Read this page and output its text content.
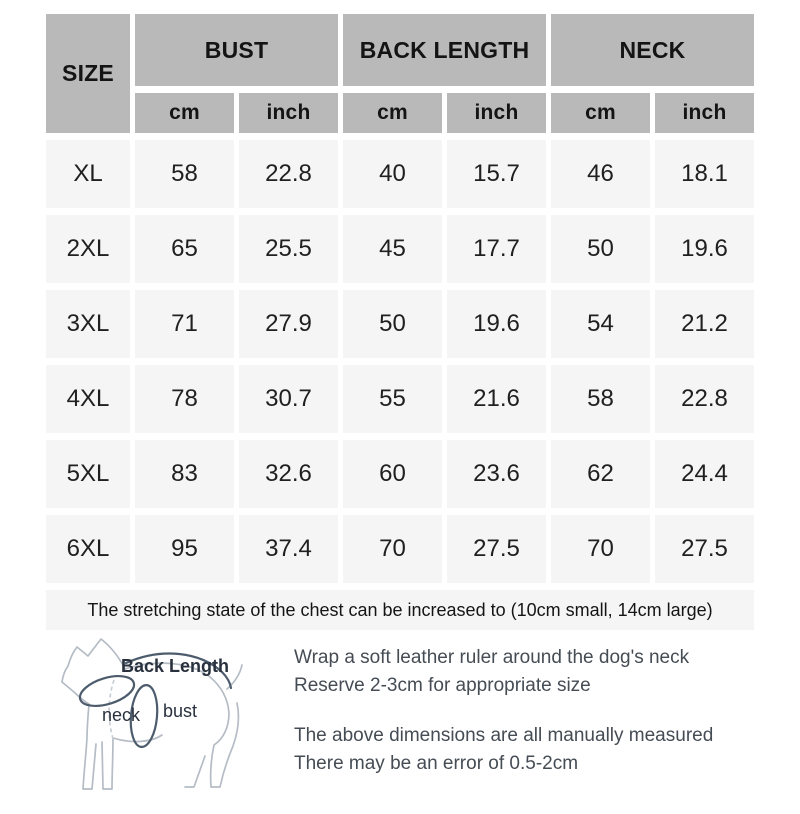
SIZE
BUST	BACK LENGTH	NECK
cm	inch	cm	inch	cm	inch
XL	58	22.8	40	15.7	46	18.1
2XL	65	25.5	45	17.7	50	19.6
3XL	71	27.9	50	19.6	54	21.2
4XL	78	30.7	55	21.6	58	22.8
5XL	83	32.6	60	23.6	62	24.4
6XL	95	37.4	70	27.5	70	27.5
The stretching state of the chest can be increased to (10cm small, 14cm large)
Back Length
neck bust
Wrap a soft leather ruler around the dog's neck
Reserve 2-3cm for appropriate size
The above dimensions are all manually measured
There may be an error of 0.5-2cm
